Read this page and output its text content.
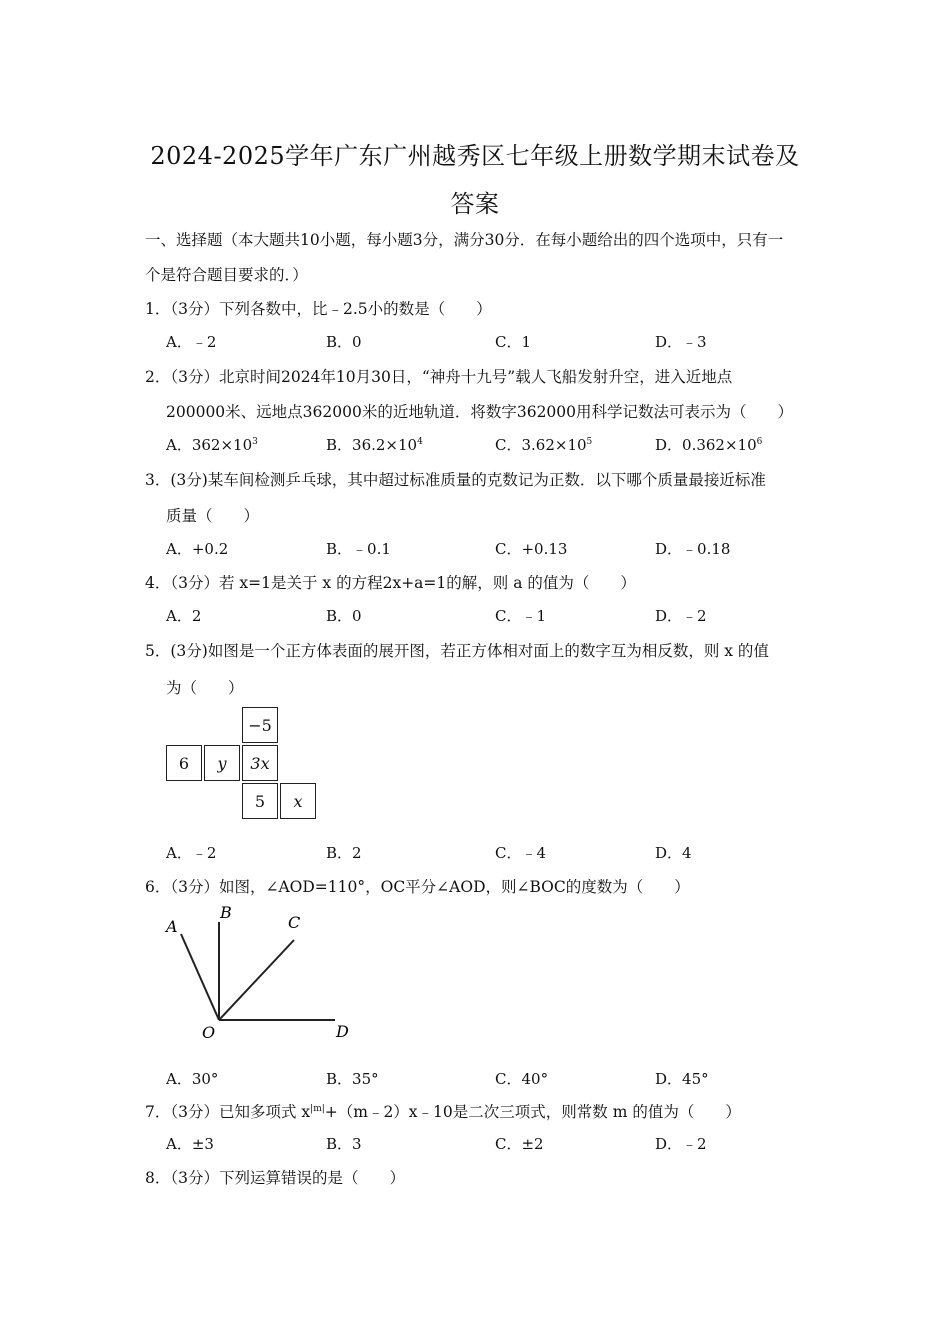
2024-2025学年广东广州越秀区七年级上册数学期末试卷及
答案
一、选择题（本大题共10小题，每小题3分，满分30分．在每小题给出的四个选项中，只有一
个是符合题目要求的．）
1．（3分）下列各数中，比﹣2.5小的数是（　　）
A．﹣2	B．0	C．1	D．﹣3
2．（3分）北京时间2024年10月30日，“神舟十九号”载人飞船发射升空，进入近地点
200000米、远地点362000米的近地轨道．将数字362000用科学记数法可表示为（　　）
A．$362\times 10^3$	B．$36.2\times 10^4$	C．$3.62\times 10^5$	D．$0.362\times 10^6$
3．(3分)某车间检测乒乓球，其中超过标准质量的克数记为正数．以下哪个质量最接近标准
质量（　　）
A．+0.2	B．﹣0.1	C．+0.13	D．﹣0.18
4．（3分）若 x=1是关于 x 的方程2x+a=1的解，则 a 的值为（　　）
A．2	B．0	C．﹣1	D．﹣2
5．(3分)如图是一个正方体表面的展开图，若正方体相对面上的数字互为相反数，则 x 的值
为（　　）
−5
6	y	3x
5	x
A．﹣2	B．2	C．﹣4	D．4
6．（3分）如图，∠AOD=110°，OC平分∠AOD，则∠BOC的度数为（　　）
A
B
C
O	D
A．30°	B．35°	C．40°	D．45°
7．（3分）已知多项式 $x^{|m|}+(m﹣2)x﹣10$是二次三项式，则常数 m 的值为（　　）
A．±3	B．3	C．±2	D．﹣2
8．（3分）下列运算错误的是（　　）
